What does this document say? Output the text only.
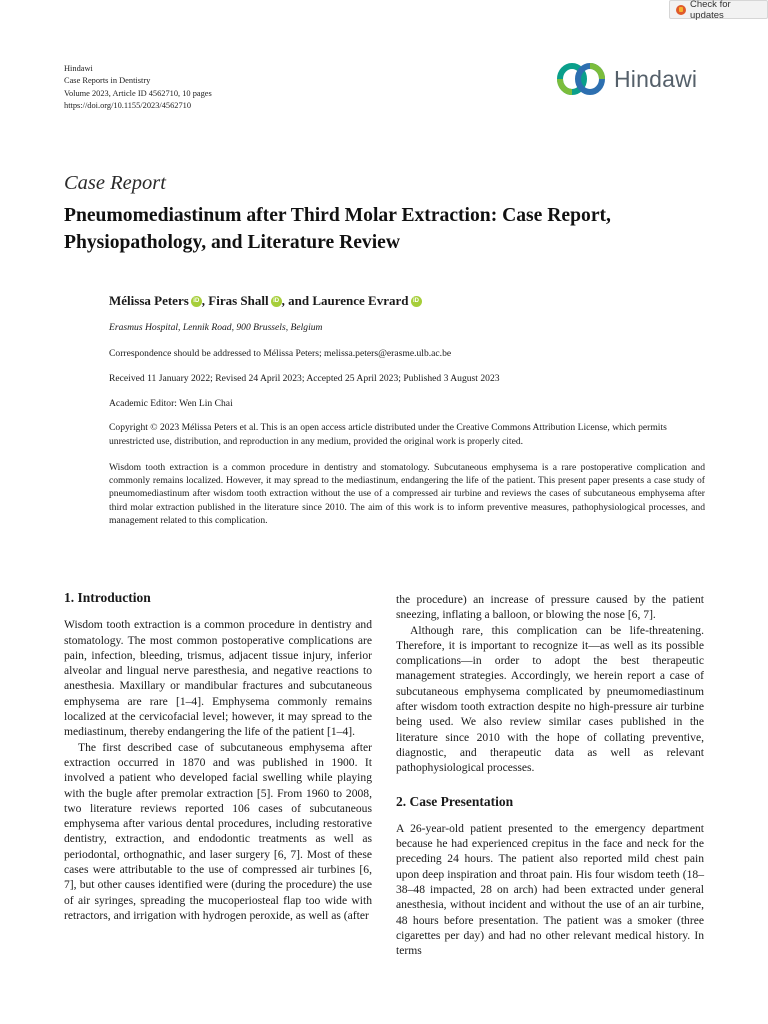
Check for updates
Hindawi
Case Reports in Dentistry
Volume 2023, Article ID 4562710, 10 pages
https://doi.org/10.1155/2023/4562710
Hindawi
Case Report
Pneumomediastinum after Third Molar Extraction: Case Report, Physiopathology, and Literature Review
Mélissa Peters iD , Firas Shall iD , and Laurence Evrard iD
Erasmus Hospital, Lennik Road, 900 Brussels, Belgium
Correspondence should be addressed to Mélissa Peters; melissa.peters@erasme.ulb.ac.be
Received 11 January 2022; Revised 24 April 2023; Accepted 25 April 2023; Published 3 August 2023
Academic Editor: Wen Lin Chai
Copyright © 2023 Mélissa Peters et al. This is an open access article distributed under the Creative Commons Attribution License, which permits unrestricted use, distribution, and reproduction in any medium, provided the original work is properly cited.
Wisdom tooth extraction is a common procedure in dentistry and stomatology. Subcutaneous emphysema is a rare postoperative complication and commonly remains localized. However, it may spread to the mediastinum, endangering the life of the patient. This present paper presents a case study of pneumomediastinum after wisdom tooth extraction without the use of a compressed air turbine and reviews the cases of subcutaneous emphysema after third molar extraction published in the literature since 2010. The aim of this work is to inform preventive measures, pathophysiological processes, and management related to this complication.
1. Introduction

Wisdom tooth extraction is a common procedure in dentistry and stomatology. The most common postoperative complications are pain, infection, bleeding, trismus, adjacent tissue injury, inferior alveolar and lingual nerve paresthesia, and negative reactions to anesthesia. Maxillary or mandibular fractures and subcutaneous emphysema are rare [1–4]. Emphysema commonly remains localized at the cervicofacial level; however, it may spread to the mediastinum, thereby endangering the life of the patient [1–4].

The first described case of subcutaneous emphysema after extraction occurred in 1870 and was published in 1900. It involved a patient who developed facial swelling while playing with the bugle after premolar extraction [5]. From 1960 to 2008, two literature reviews reported 106 cases of subcutaneous emphysema after various dental procedures, including restorative dentistry, extraction, and endodontic treatments as well as periodontal, orthognathic, and laser surgery [6, 7]. Most of these cases were attributable to the use of compressed air turbines [6, 7], but other causes identified were (during the procedure) the use of air syringes, spreading the mucoperiosteal flap too wide with retractors, and irrigation with hydrogen peroxide, as well as (after

the procedure) an increase of pressure caused by the patient sneezing, inflating a balloon, or blowing the nose [6, 7].

Although rare, this complication can be life-threatening. Therefore, it is important to recognize it—as well as its possible complications—in order to adopt the best therapeutic management strategies. Accordingly, we herein report a case of subcutaneous emphysema complicated by pneumomediastinum after wisdom tooth extraction despite no high-pressure air turbine being used. We also review similar cases published in the literature since 2010 with the hope of collating preventive, diagnostic, and therapeutic data as well as relevant pathophysiological processes.

2. Case Presentation

A 26-year-old patient presented to the emergency department because he had experienced crepitus in the face and neck for the preceding 24 hours. The patient also reported mild chest pain upon deep inspiration and throat pain. His four wisdom teeth (18–38–48 impacted, 28 on arch) had been extracted under general anesthesia, without incident and without the use of an air turbine, 48 hours before presentation. The patient was a smoker (three cigarettes per day) and had no other relevant medical history. In terms
